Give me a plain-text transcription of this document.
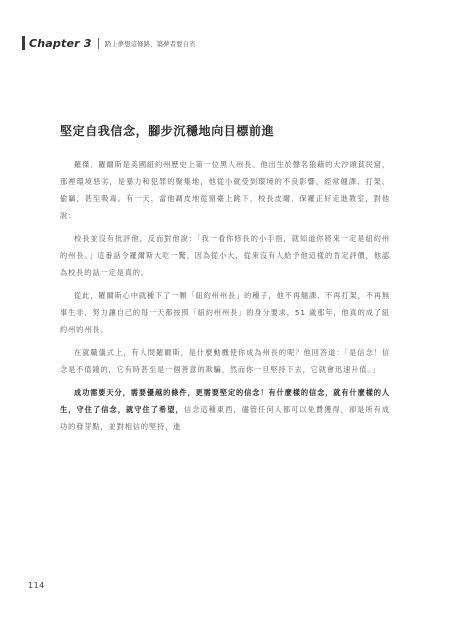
Chapter 3 踏上夢想這條路，築夢者要自省
堅定自我信念，腳步沉穩地向目標前進

羅傑．羅爾斯是美國紐約州歷史上第一位黑人州長。他出生於聲名狼藉的大沙頭貧民窟，那裡環境惡劣，是暴力和犯罪的聚集地，他從小就受到環境的不良影響，經常翹課、打架、偷竊，甚至吸毒。有一天，當他調皮地從窗臺上跳下，校長皮爾．保羅正好走進教室，對他說：

校長並沒有批評他，反而對他說：「我一看你修長的小手指，就知道你將來一定是紐約州的州長。」這番話令羅爾斯大吃一驚，因為從小大，從來沒有人給予他這樣的肯定評價，他認為校長的話一定是真的。

從此，羅爾斯心中就種下了一顆「紐約州州長」的種子，他不再翹課、不再打架，不再無事生非，努力讓自己的每一天都按照「紐約州州長」的身分要求，51 歲那年，他真的成了紐約州的州長。

在就職儀式上，有人問羅爾斯，是什麼動機使你成為州長的呢？他回答道：「是信念！信念是不值錢的，它有時甚至是一個善意的欺騙，然而你一旦堅持下去，它就會迅速升值。」

成功需要天分，需要優越的條件，更需要堅定的信念！有什麼樣的信念，就有什麼樣的人生，守住了信念，就守住了希望，信念這種東西，儘管任何人都可以免費獲得，卻是所有成功的發芽點，並對相信的堅持，進

114
